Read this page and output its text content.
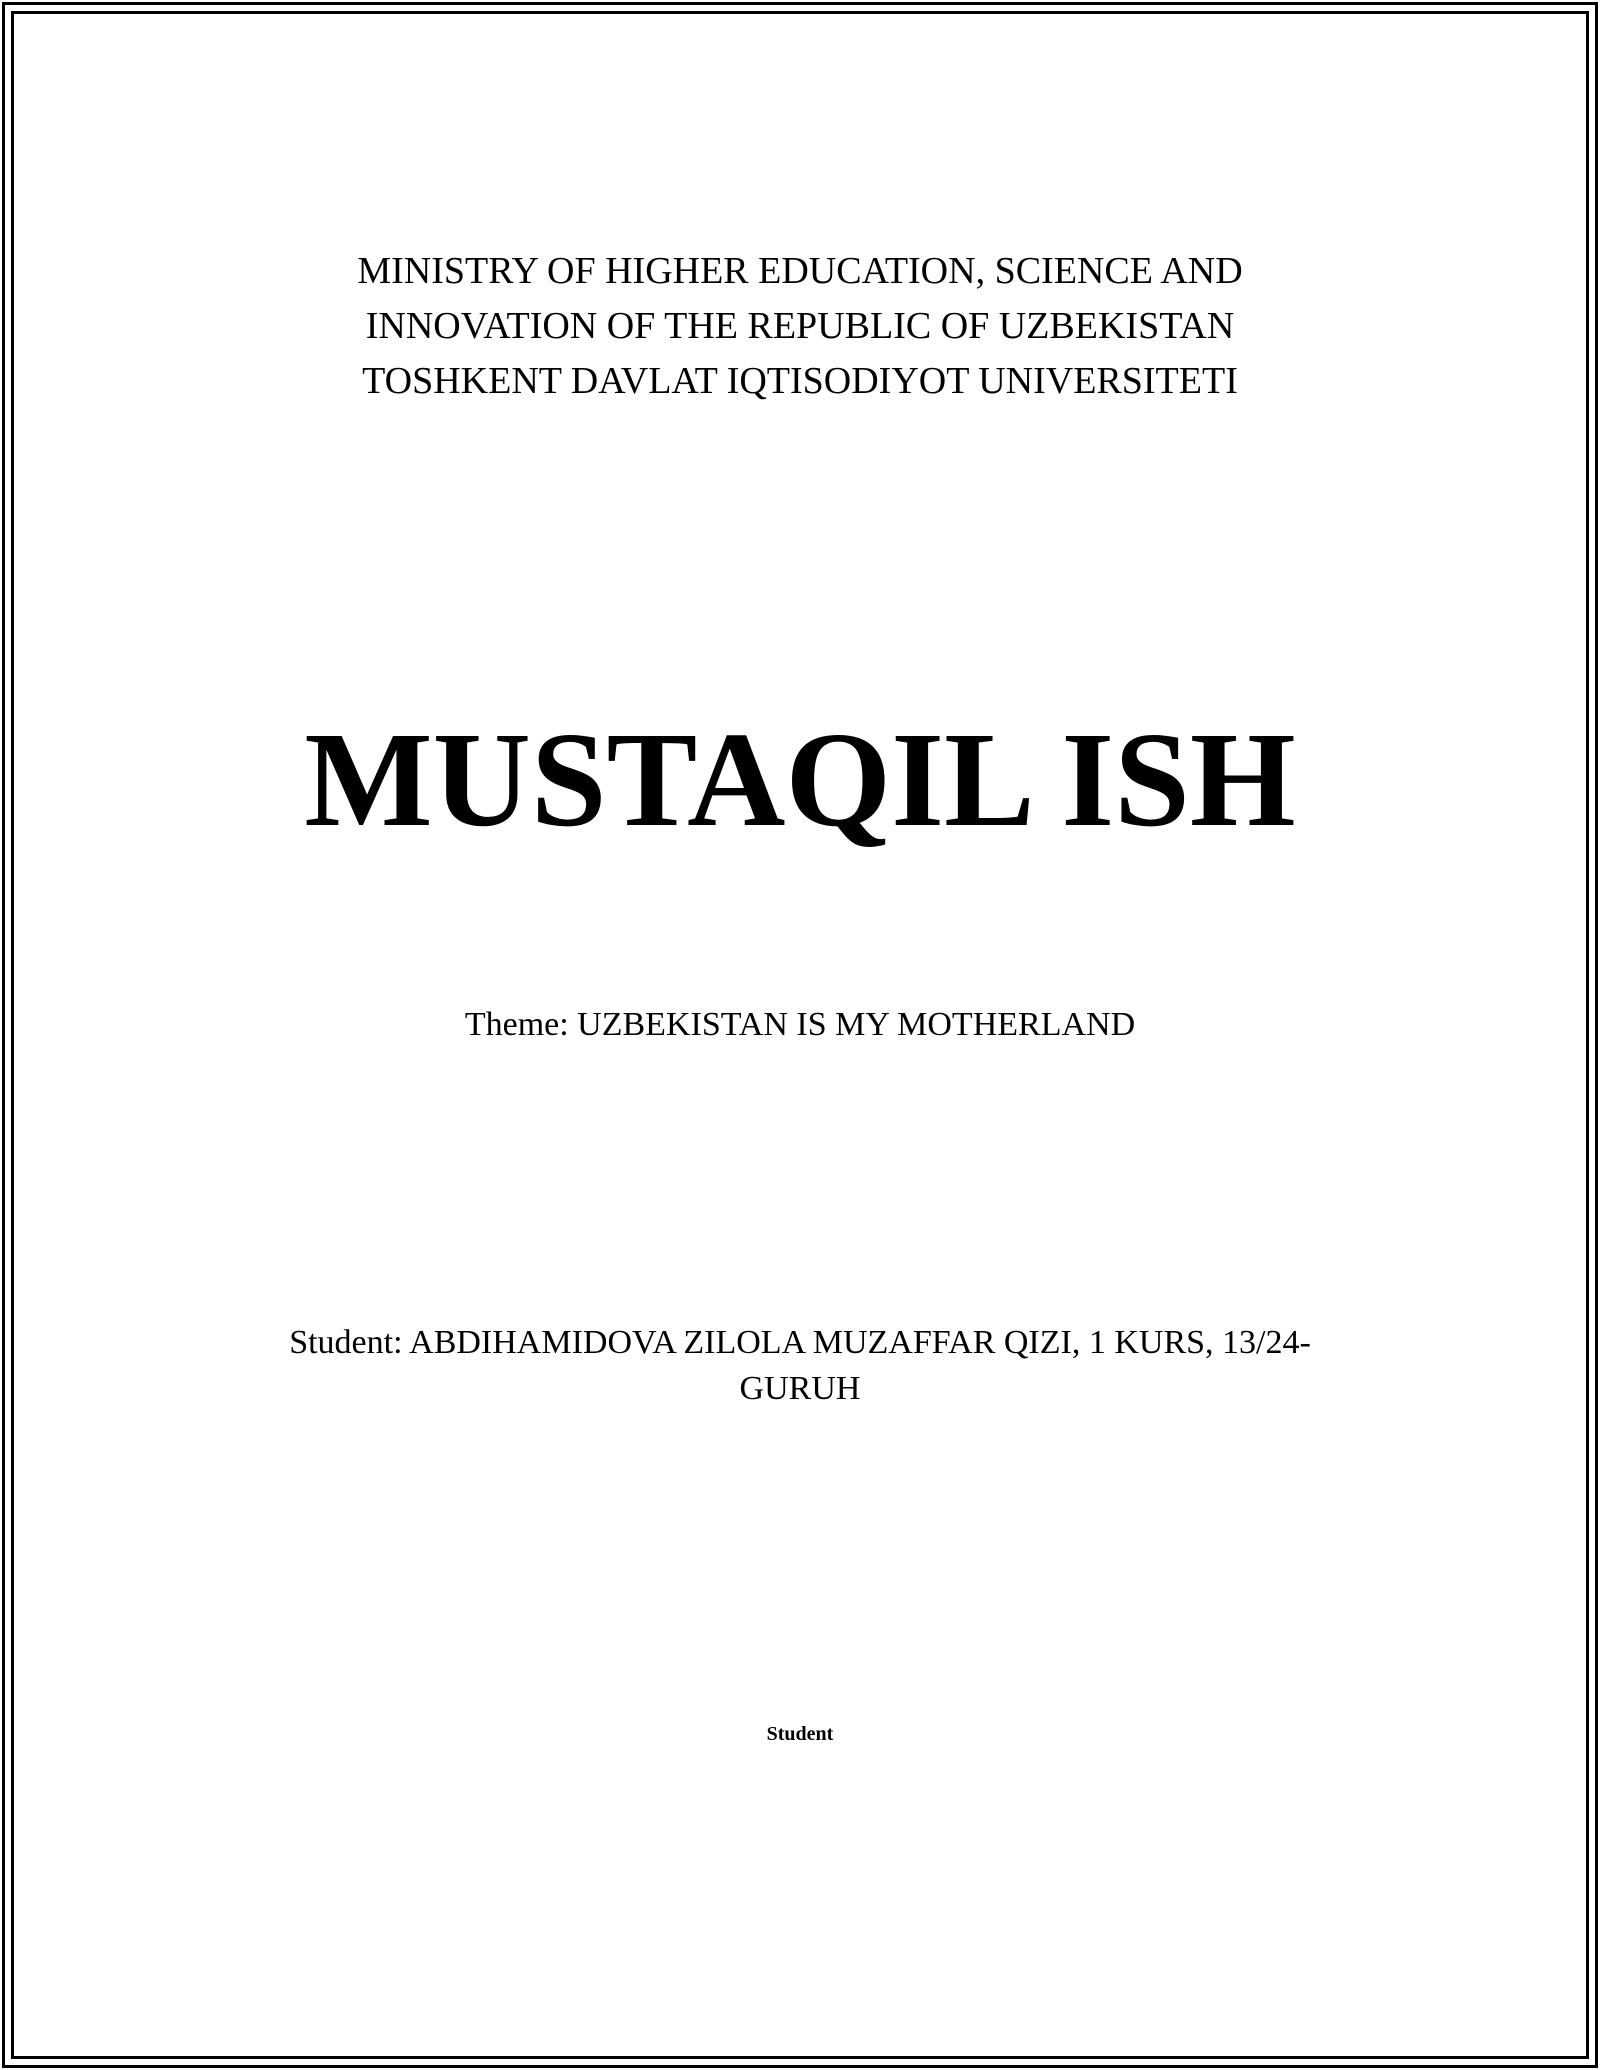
MINISTRY OF HIGHER EDUCATION, SCIENCE AND
INNOVATION OF THE REPUBLIC OF UZBEKISTAN
TOSHKENT DAVLAT IQTISODIYOT UNIVERSITETI
MUSTAQIL ISH
Theme: UZBEKISTAN IS MY MOTHERLAND
Student: ABDIHAMIDOVA ZILOLA MUZAFFAR QIZI, 1 KURS, 13/24-GURUH
Student
